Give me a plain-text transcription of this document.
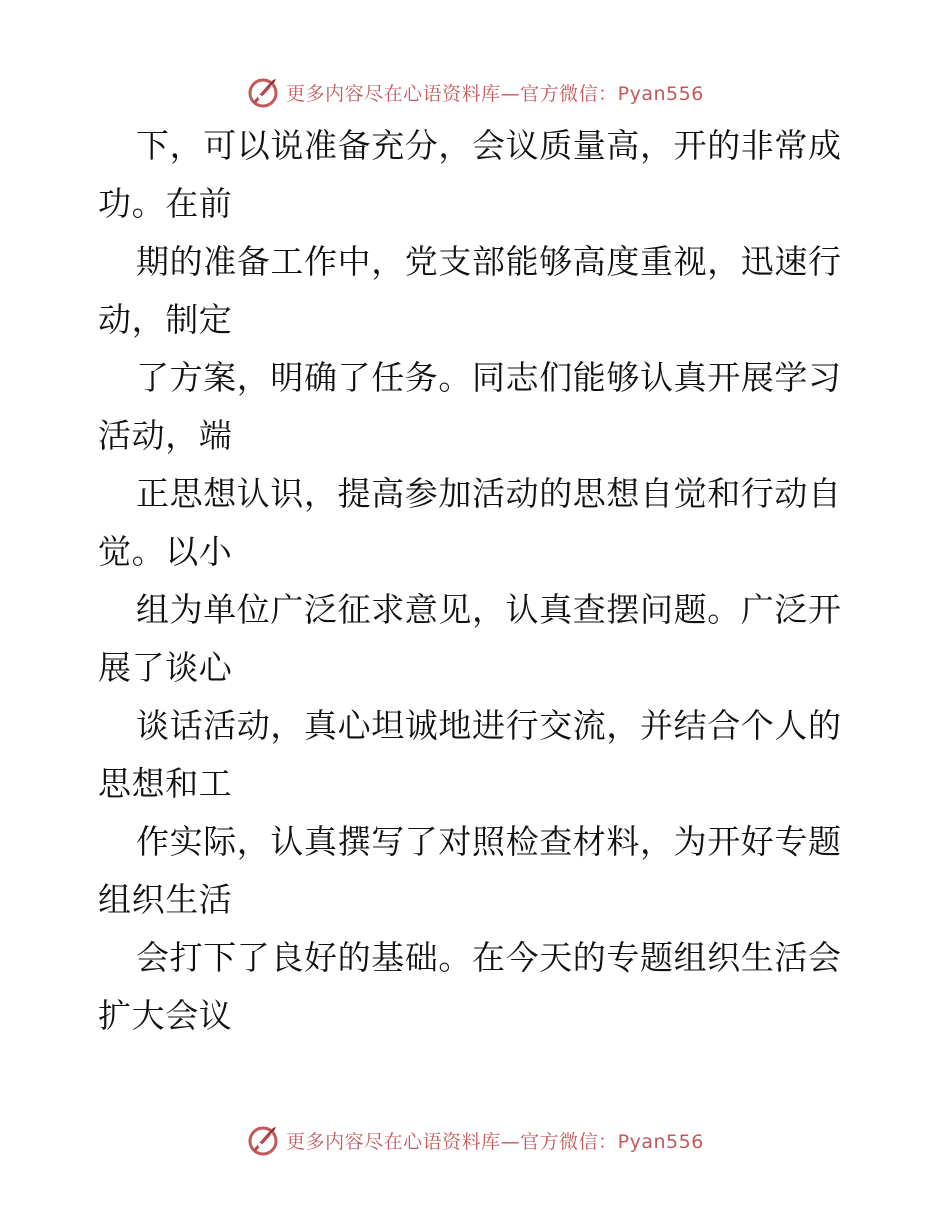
更多内容尽在心语资料库—官方微信：Pyan556
下，可以说准备充分，会议质量高，开的非常成
功。在前
期的准备工作中，党支部能够高度重视，迅速行
动，制定
了方案，明确了任务。同志们能够认真开展学习
活动，端
正思想认识，提高参加活动的思想自觉和行动自
觉。以小
组为单位广泛征求意见，认真查摆问题。广泛开
展了谈心
谈话活动，真心坦诚地进行交流，并结合个人的
思想和工
作实际，认真撰写了对照检查材料，为开好专题
组织生活
会打下了良好的基础。在今天的专题组织生活会
扩大会议
更多内容尽在心语资料库—官方微信：Pyan556
